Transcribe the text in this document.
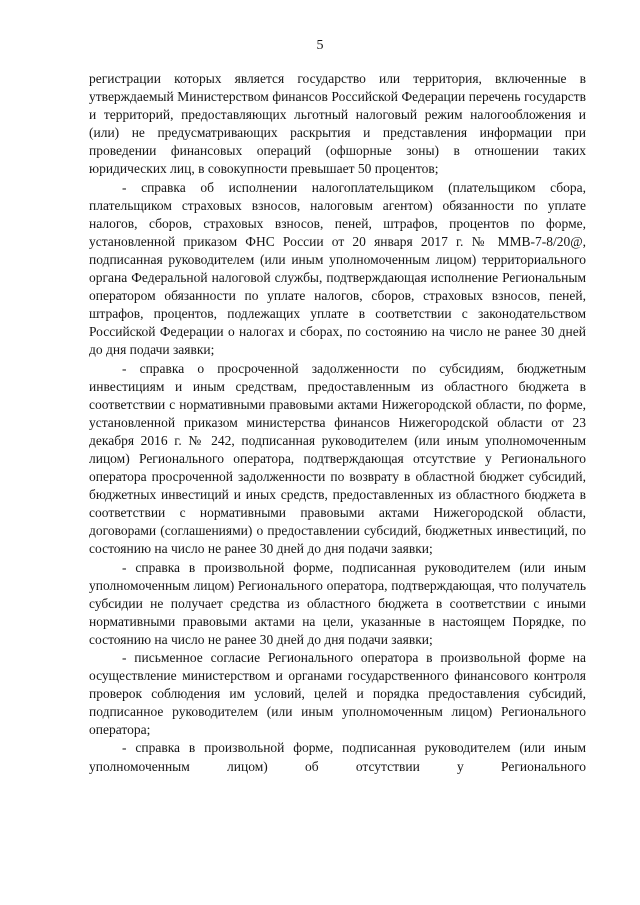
5

регистрации которых является государство или территория, включенные в утверждаемый Министерством финансов Российской Федерации перечень государств и территорий, предоставляющих льготный налоговый режим налогообложения и (или) не предусматривающих раскрытия и представления информации при проведении финансовых операций (офшорные зоны) в отношении таких юридических лиц, в совокупности превышает 50 процентов;

- справка об исполнении налогоплательщиком (плательщиком сбора, плательщиком страховых взносов, налоговым агентом) обязанности по уплате налогов, сборов, страховых взносов, пеней, штрафов, процентов по форме, установленной приказом ФНС России от 20 января 2017 г. № ММВ-7-8/20@, подписанная руководителем (или иным уполномоченным лицом) территориального органа Федеральной налоговой службы, подтверждающая исполнение Региональным оператором обязанности по уплате налогов, сборов, страховых взносов, пеней, штрафов, процентов, подлежащих уплате в соответствии с законодательством Российской Федерации о налогах и сборах, по состоянию на число не ранее 30 дней до дня подачи заявки;

- справка о просроченной задолженности по субсидиям, бюджетным инвестициям и иным средствам, предоставленным из областного бюджета в соответствии с нормативными правовыми актами Нижегородской области, по форме, установленной приказом министерства финансов Нижегородской области от 23 декабря 2016 г. № 242, подписанная руководителем (или иным уполномоченным лицом) Регионального оператора, подтверждающая отсутствие у Регионального оператора просроченной задолженности по возврату в областной бюджет субсидий, бюджетных инвестиций и иных средств, предоставленных из областного бюджета в соответствии с нормативными правовыми актами Нижегородской области, договорами (соглашениями) о предоставлении субсидий, бюджетных инвестиций, по состоянию на число не ранее 30 дней до дня подачи заявки;

- справка в произвольной форме, подписанная руководителем (или иным уполномоченным лицом) Регионального оператора, подтверждающая, что получатель субсидии не получает средства из областного бюджета в соответствии с иными нормативными правовыми актами на цели, указанные в настоящем Порядке, по состоянию на число не ранее 30 дней до дня подачи заявки;

- письменное согласие Регионального оператора в произвольной форме на осуществление министерством и органами государственного финансового контроля проверок соблюдения им условий, целей и порядка предоставления субсидий, подписанное руководителем (или иным уполномоченным лицом) Регионального оператора;

- справка в произвольной форме, подписанная руководителем (или иным уполномоченным лицом) об отсутствии у Регионального
